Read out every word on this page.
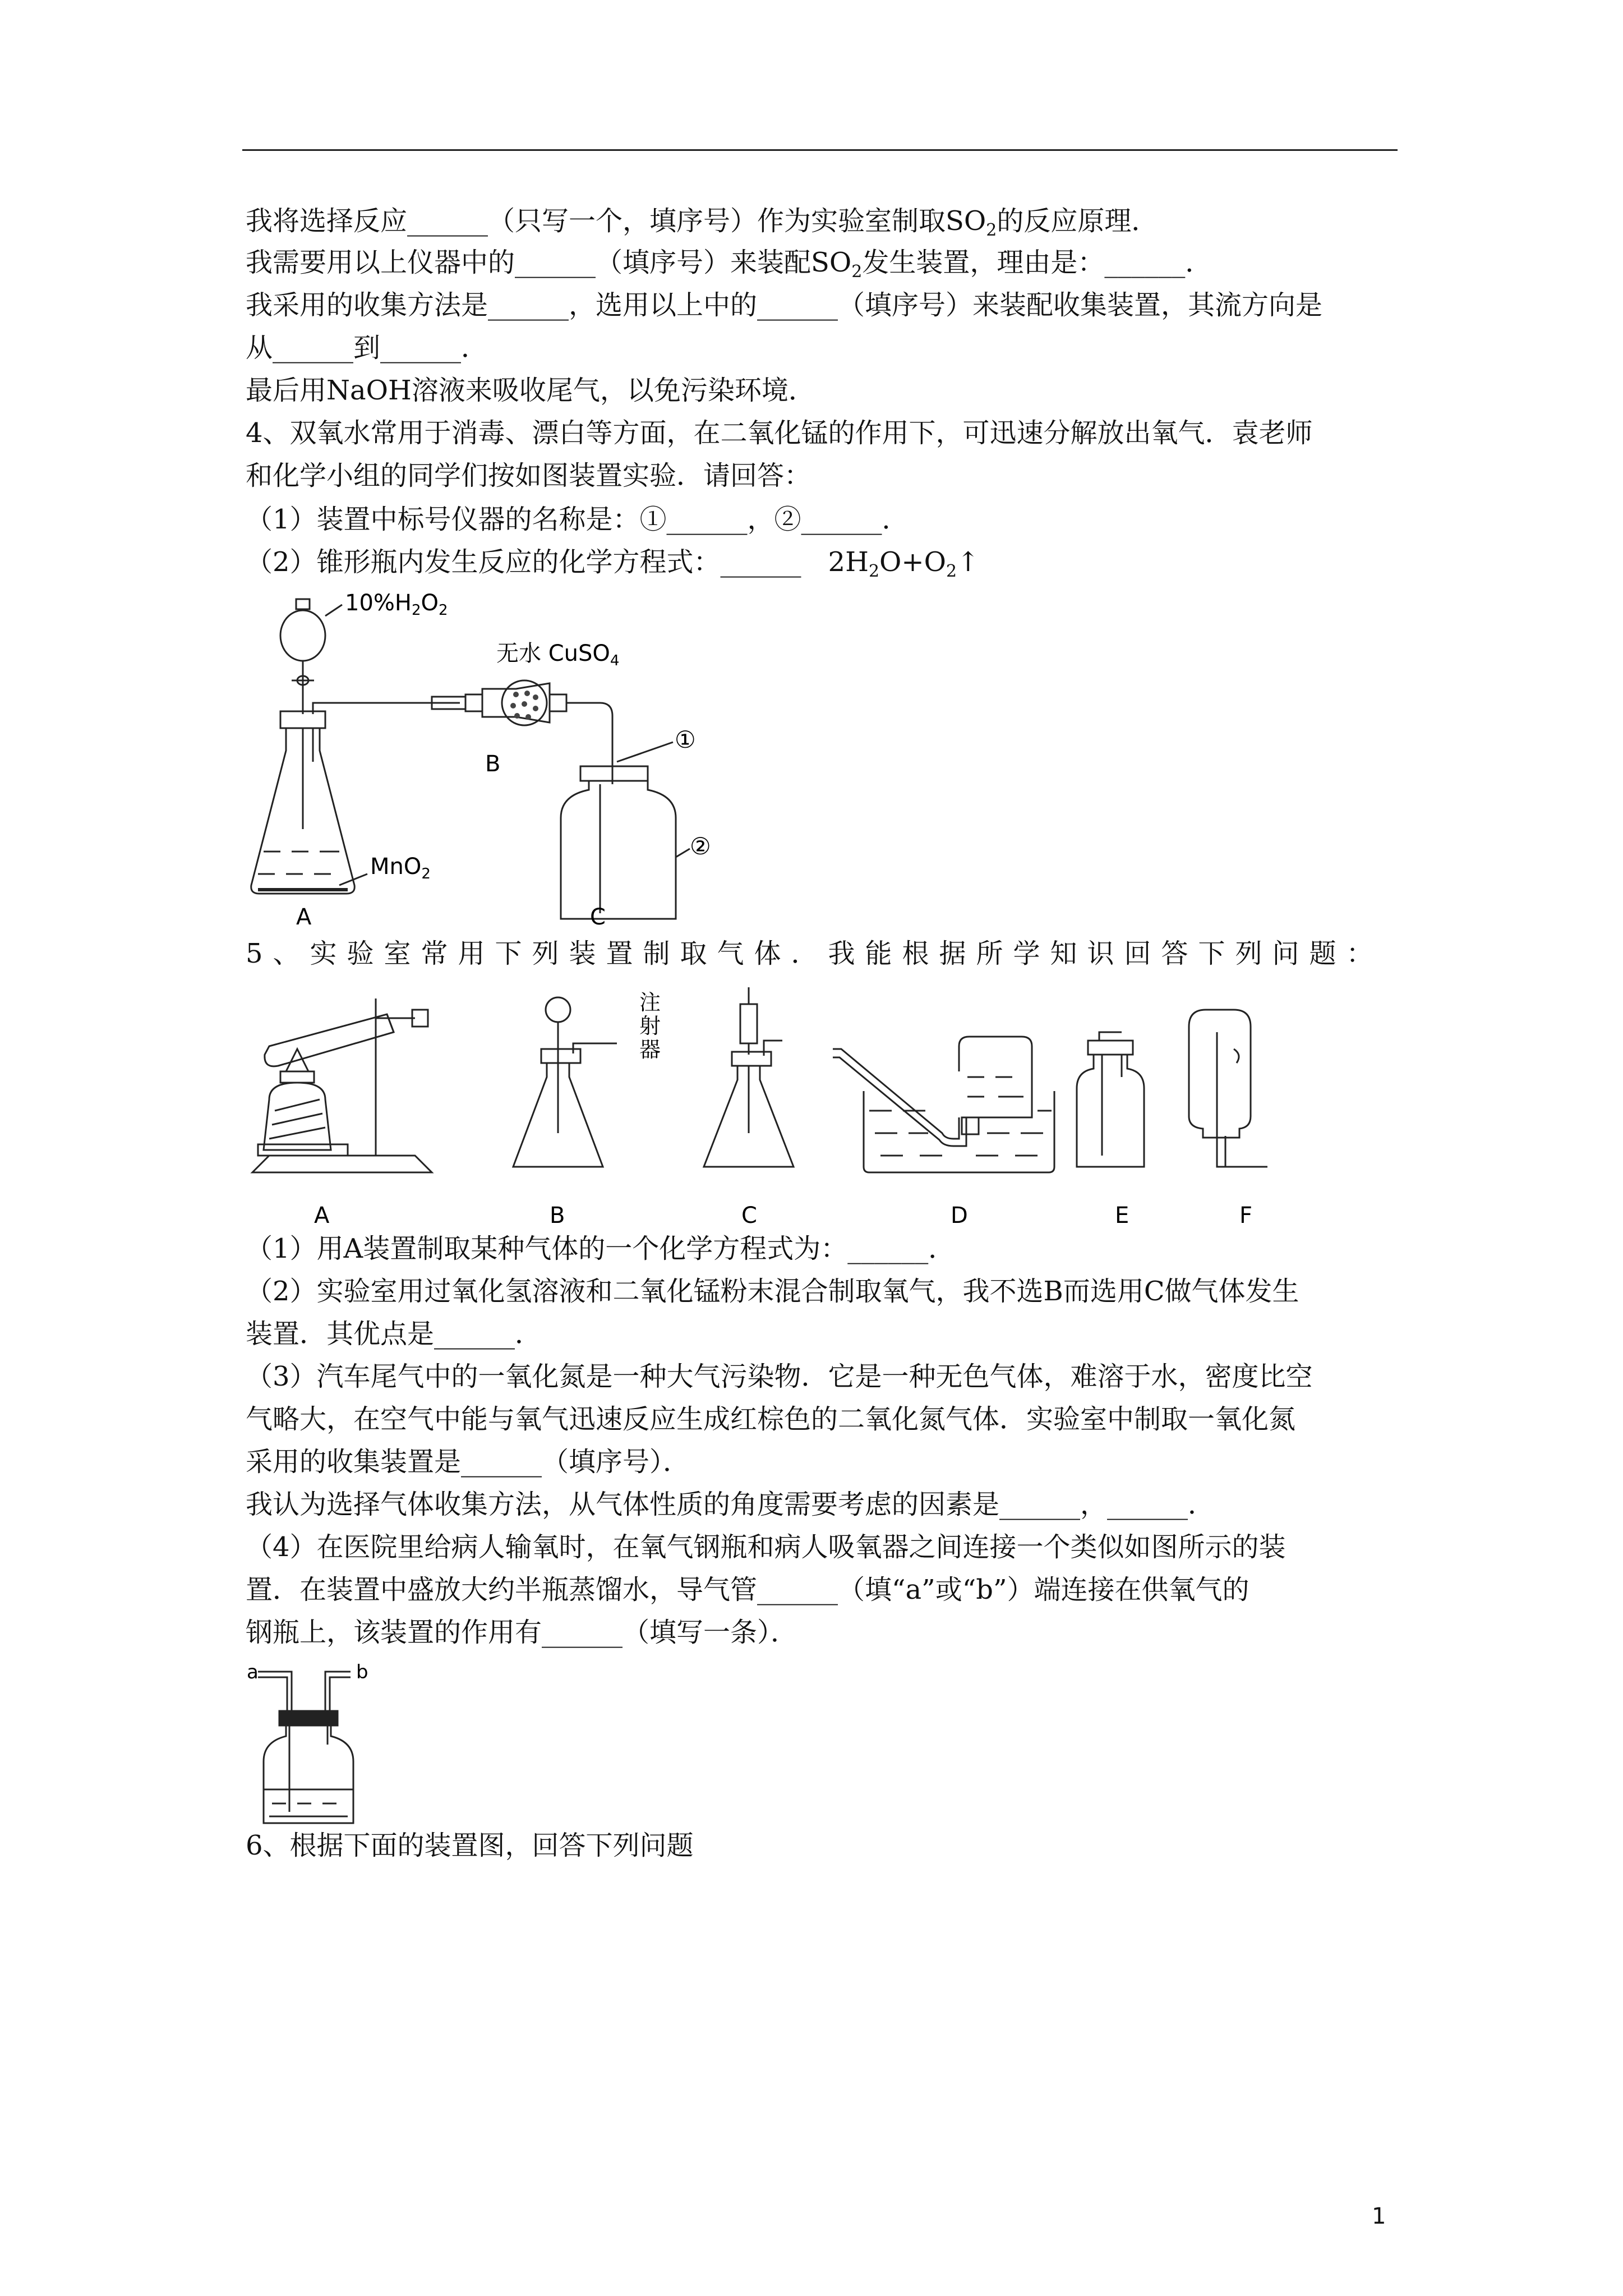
我将选择反应______（只写一个，填序号）作为实验室制取$SO_2$的反应原理．
我需要用以上仪器中的______（填序号）来装配$SO_2$发生装置，理由是：______．
我采用的收集方法是______，选用以上中的______（填序号）来装配收集装置，其流方向是
从______到______．
最后用NaOH溶液来吸收尾气，以免污染环境．
4、双氧水常用于消毒、漂白等方面，在二氧化锰的作用下，可迅速分解放出氧气．袁老师
和化学小组的同学们按如图装置实验．请回答：
（1）装置中标号仪器的名称是：①______，②______．
（2）锥形瓶内发生反应的化学方程式：______　$2H_2O+O_2↑$
$10\%H_2O_2$
无水 CuSO$_4$
MnO$_2$
A
B
C
①
②
5、实验室常用下列装置制取气体．我能根据所学知识回答下列问题：
注
射
器
A	B	C	D	E	F
（1）用A装置制取某种气体的一个化学方程式为：______．
（2）实验室用过氧化氢溶液和二氧化锰粉末混合制取氧气，我不选B而选用C做气体发生
装置．其优点是______．
（3）汽车尾气中的一氧化氮是一种大气污染物．它是一种无色气体，难溶于水，密度比空
气略大，在空气中能与氧气迅速反应生成红棕色的二氧化氮气体．实验室中制取一氧化氮
采用的收集装置是______（填序号）．
我认为选择气体收集方法，从气体性质的角度需要考虑的因素是______，______．
（4）在医院里给病人输氧时，在氧气钢瓶和病人吸氧器之间连接一个类似如图所示的装
置．在装置中盛放大约半瓶蒸馏水，导气管______（填“a”或“b”）端连接在供氧气的
钢瓶上，该装置的作用有______（填写一条）．
a	b
6、根据下面的装置图，回答下列问题
1
